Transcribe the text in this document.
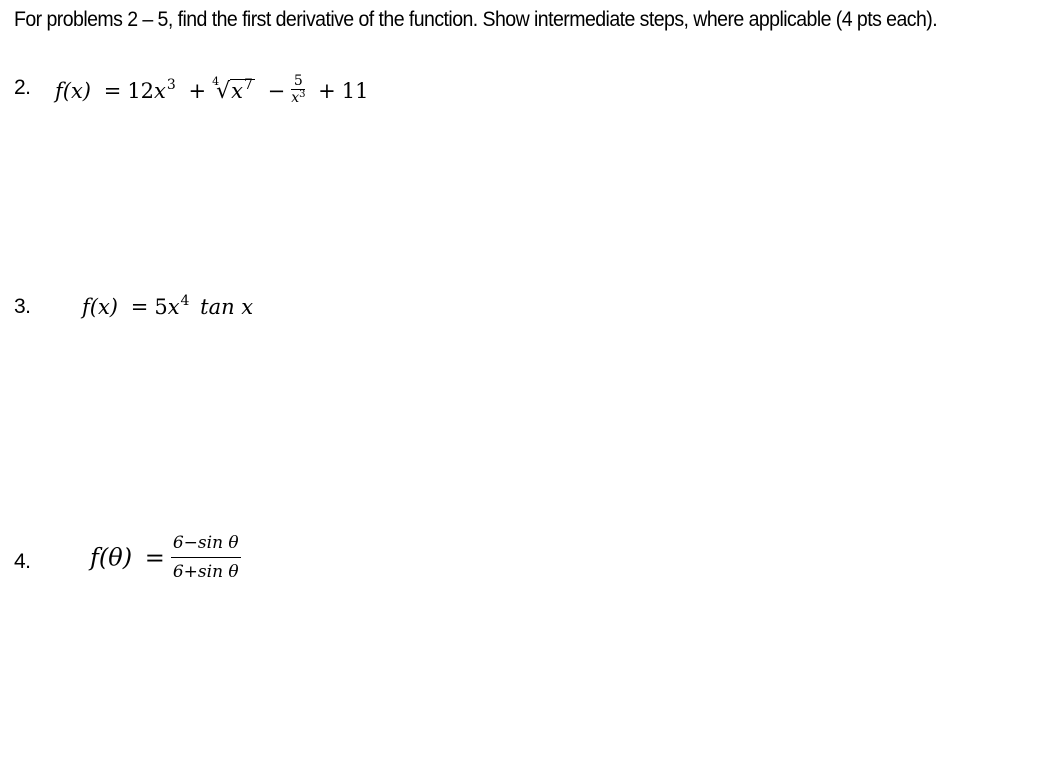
For problems 2 – 5, find the first derivative of the function. Show intermediate steps, where applicable (4 pts each).
2. $f(x) = 12x^3 + 4$
$√x^7 - \frac{5}{x^3} + 11$
3. $f(x) = 5x^4$ tan x
4. $f(\theta) = \frac{\text{6−sin θ}}{\text{6+sin θ}}$
